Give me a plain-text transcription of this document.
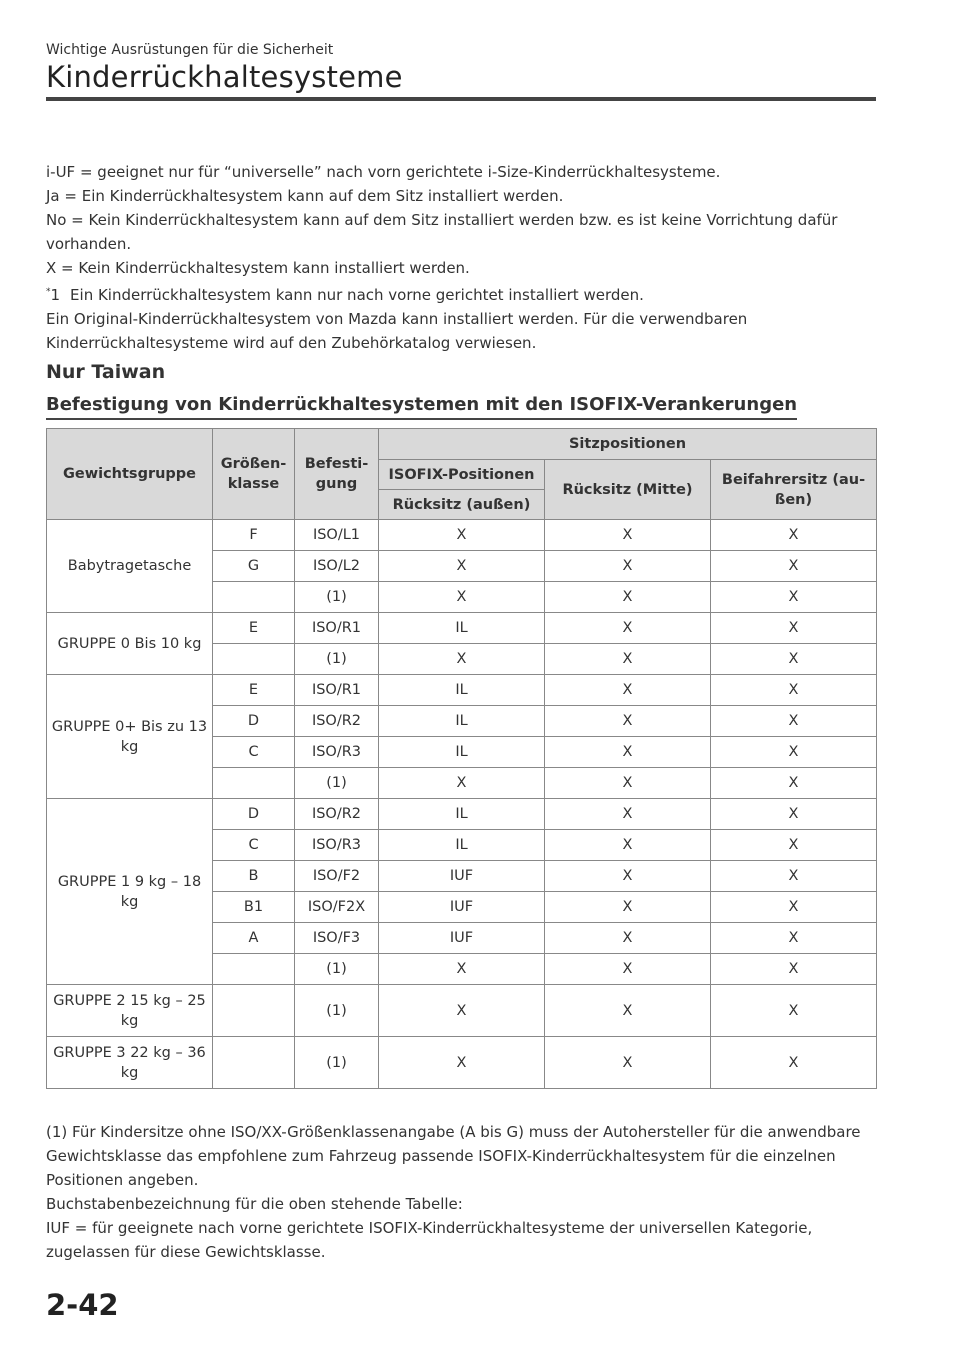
Wichtige Ausrüstungen für die Sicherheit
Kinderrückhaltesysteme

i-UF = geeignet nur für “universelle” nach vorn gerichtete i-Size-Kinderrückhaltesysteme.

Ja = Ein Kinderrückhaltesystem kann auf dem Sitz installiert werden.

No = Kein Kinderrückhaltesystem kann auf dem Sitz installiert werden bzw. es ist keine Vorrichtung dafür vorhanden.

X = Kein Kinderrückhaltesystem kann installiert werden.

*1 Ein Kinderrückhaltesystem kann nur nach vorne gerichtet installiert werden.

Ein Original-Kinderrückhaltesystem von Mazda kann installiert werden. Für die verwendbaren Kinderrückhaltesysteme wird auf den Zubehörkatalog verwiesen.

Nur Taiwan
Befestigung von Kinderrückhaltesystemen mit den ISOFIX-Verankerungen
Gewichtsgruppe	Größen-klasse	Befesti-gung	Sitzpositionen		
			ISOFIX-Positionen	Rücksitz (Mitte)	Beifahrersitz (au-ßen)
			Rücksitz (außen)		
Babytragetasche	F	ISO/L1	X	X	X
	G	ISO/L2	X	X	X
		(1)	X	X	X
GRUPPE 0 Bis 10 kg	E	ISO/R1	IL	X	X
		(1)	X	X	X
GRUPPE 0+ Bis zu 13 kg	E	ISO/R1	IL	X	X
	D	ISO/R2	IL	X	X
	C	ISO/R3	IL	X	X
		(1)	X	X	X
GRUPPE 1 9 kg – 18 kg	D	ISO/R2	IL	X	X
	C	ISO/R3	IL	X	X
	B	ISO/F2	IUF	X	X
	B1	ISO/F2X	IUF	X	X
	A	ISO/F3	IUF	X	X
		(1)	X	X	X
GRUPPE 2 15 kg – 25 kg		(1)	X	X	X
GRUPPE 3 22 kg – 36 kg		(1)	X	X	X

(1) Für Kindersitze ohne ISO/XX-Größenklassenangabe (A bis G) muss der Autohersteller für die anwendbare Gewichtsklasse das empfohlene zum Fahrzeug passende ISOFIX-Kinderrückhaltesystem für die einzelnen Positionen angeben.

Buchstabenbezeichnung für die oben stehende Tabelle:

IUF = für geeignete nach vorne gerichtete ISOFIX-Kinderrückhaltesysteme der universellen Kategorie, zugelassen für diese Gewichtsklasse.

2-42
